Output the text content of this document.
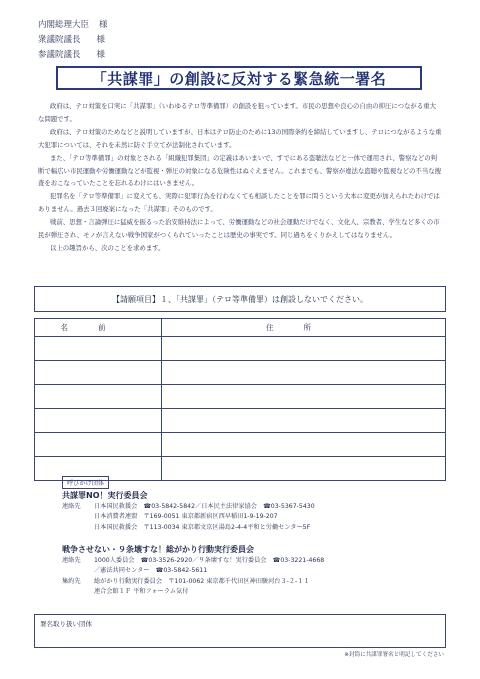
内閣総理大臣 様
衆議院議長 様
参議院議長 様
「共謀罪」の創設に反対する緊急統一署名

政府は、テロ対策を口実に「共謀罪」（いわゆるテロ等準備罪）の創設を狙っています。市民の思想や良心の自由の抑圧につながる重大な問題です。

政府は、テロ対策のためなどと説明していますが、日本はテロ防止のために13の国際条約を締結していますし、テロにつながるような重大犯罪については、それを未然に防ぐ手立てが法制化されています。

また、「テロ等準備罪」の対象とされる「組織犯罪集団」の定義はあいまいで、すでにある盗聴法などと一体で運用され、警察などの判断で幅広い市民運動や労働運動などが監視・弾圧の対象になる危険性はぬぐえません。これまでも、警察が違法な盗聴や監視などの不当な捜査をおこなっていたことを忘れるわけにはいきません。

犯罪名を「テロ等準備罪」に変えても、実際に犯罪行為を行わなくても相談したことを罪に問うという大本に変更が加えられたわけではありません。過去３回廃案になった「共謀罪」そのものです。

戦前、思想・言論弾圧に猛威を振るった治安維持法によって、労働運動などの社会運動だけでなく、文化人、宗教者、学生など多くの市民が弾圧され、モノが言えない戦争国家がつくられていったことは歴史の事実です。同じ過ちをくりかえしてはなりません。

以上の趣旨から、次のことを求めます。

【請願項目】１、「共謀罪」（テロ等準備罪）は創設しないでください。
名前	住所

呼びかけ団体
共謀罪NO！実行委員会
連絡先	日本国民救援会　☎03-5842-5842／日本民主法律家協会　☎03-5367-5430
日本消費者連盟　〒169-0051 東京都新宿区西早稲田1-9-19-207
日本国民救援会　〒113-0034 東京都文京区湯島2-4-4平和と労働センター5F
戦争させない・９条壊すな！総がかり行動実行委員会
連絡先	1000人委員会　☎03-3526-2920／９条壊すな！実行委員会　☎03-3221-4668
／憲法共同センター　☎03-5842-5611
集約先	総がかり行動実行委員会　〒101-0062 東京都千代田区神田駿河台３-２-１１
連合会館１Ｆ 平和フォーラム気付
署名取り扱い団体
※封筒に共謀罪署名と明記してください
